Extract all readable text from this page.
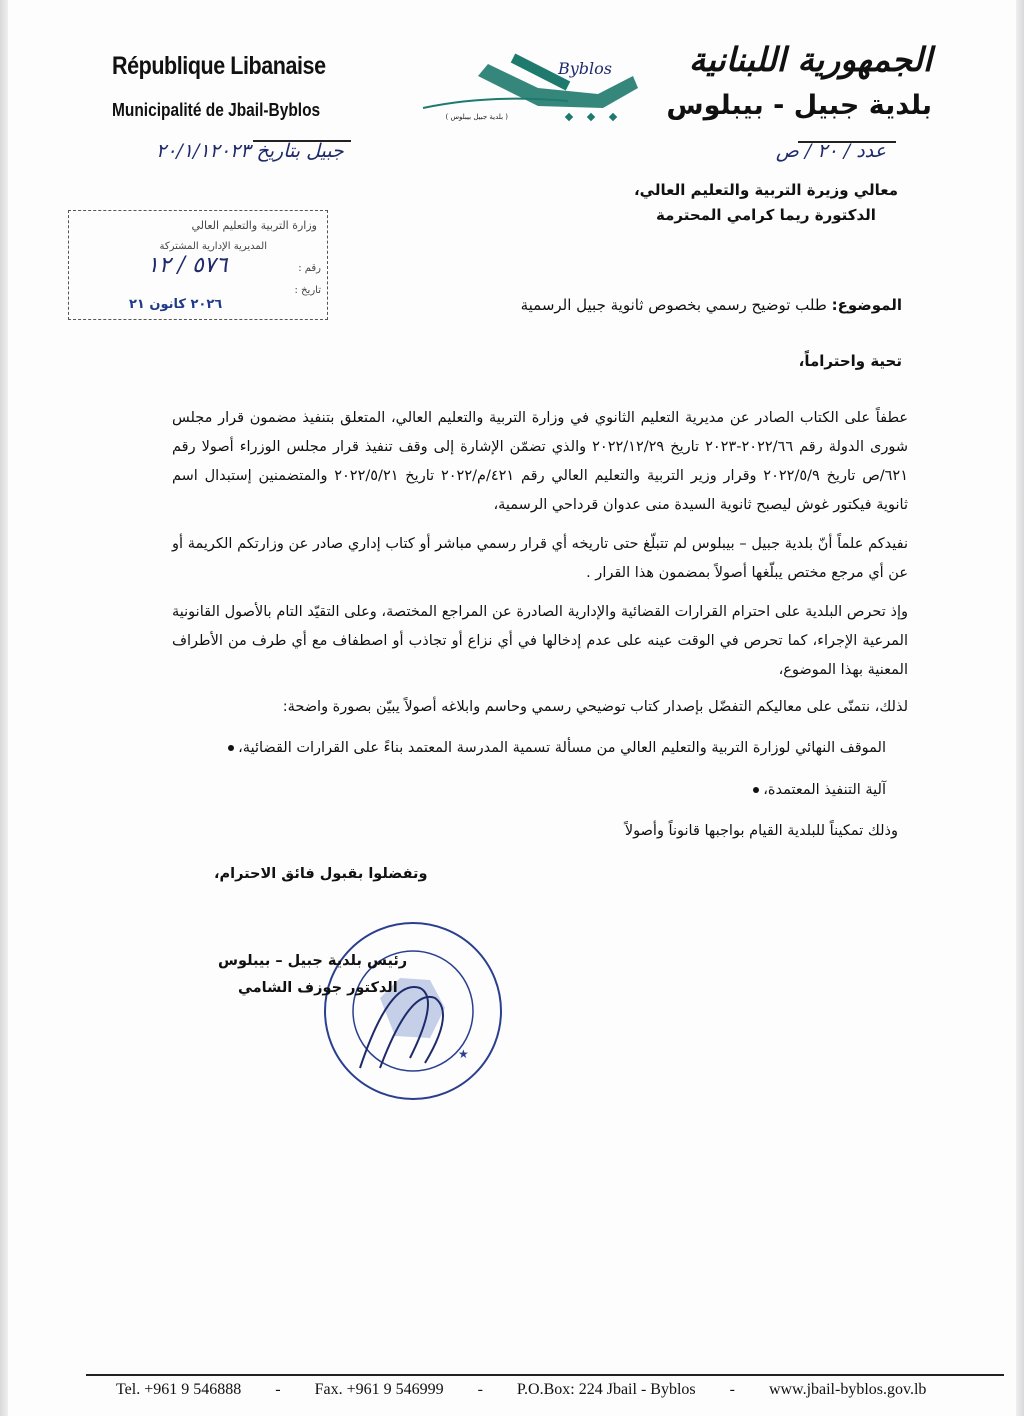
République Libanaise
Municipalité de Jbail-Byblos
جبيل بتاريخ ٢٠/١/١٢٠٢٣
Byblos
( بلدية جبيل بيبلوس )
الجمهورية اللبنانية
بلدية جبيل - بيبلوس
عدد / ٢٠ / ص
معالي وزيرة التربية والتعليم العالي،
الدكتورة ريما كرامي المحترمة
وزارة التربية والتعليم العالي
المديرية الإدارية المشتركة
رقم :
تاريخ :
٥٧٦ / ١٢
٢٠٢٦ كانون ٢١	الموضوع: طلب توضيح رسمي بخصوص ثانوية جبيل الرسمية
تحية واحتراماً،
عطفاً على الكتاب الصادر عن مديرية التعليم الثانوي في وزارة التربية والتعليم العالي، المتعلق بتنفيذ مضمون قرار مجلس شورى الدولة رقم ٢٠٢٢/٦٦-٢٠٢٣ تاريخ ٢٠٢٢/١٢/٢٩ والذي تضمّن الإشارة إلى وقف تنفيذ قرار مجلس الوزراء أصولا رقم ٦٢١/ص تاريخ ٢٠٢٢/٥/٩ وقرار وزير التربية والتعليم العالي رقم ٤٢١/م/٢٠٢٢ تاريخ ٢٠٢٢/٥/٢١ والمتضمنين إستبدال اسم ثانوية فيكتور غوش ليصبح ثانوية السيدة منى عدوان قرداحي الرسمية،
نفيدكم علماً أنّ بلدية جبيل – بيبلوس لم تتبلّغ حتى تاريخه أي قرار رسمي مباشر أو كتاب إداري صادر عن وزارتكم الكريمة أو عن أي مرجع مختص يبلّغها أصولاً بمضمون هذا القرار .
وإذ تحرص البلدية على احترام القرارات القضائية والإدارية الصادرة عن المراجع المختصة، وعلى التقيّد التام بالأصول القانونية المرعية الإجراء، كما تحرص في الوقت عينه على عدم إدخالها في أي نزاع أو تجاذب أو اصطفاف مع أي طرف من الأطراف المعنية بهذا الموضوع،
لذلك، نتمنّى على معاليكم التفضّل بإصدار كتاب توضيحي رسمي وحاسم وابلاغه أصولاً يبيّن بصورة واضحة:
الموقف النهائي لوزارة التربية والتعليم العالي من مسألة تسمية المدرسة المعتمد بناءً على القرارات القضائية،
آلية التنفيذ المعتمدة،
وذلك تمكيناً للبلدية القيام بواجبها قانوناً وأصولاً
وتفضلوا بقبول فائق الاحترام،
★
رئيس بلدية جبيل – بيبلوس
الدكتور جوزف الشامي
Tel. +961 9 546888 - Fax. +961 9 546999 - P.O.Box: 224 Jbail - Byblos - www.jbail-byblos.gov.lb
